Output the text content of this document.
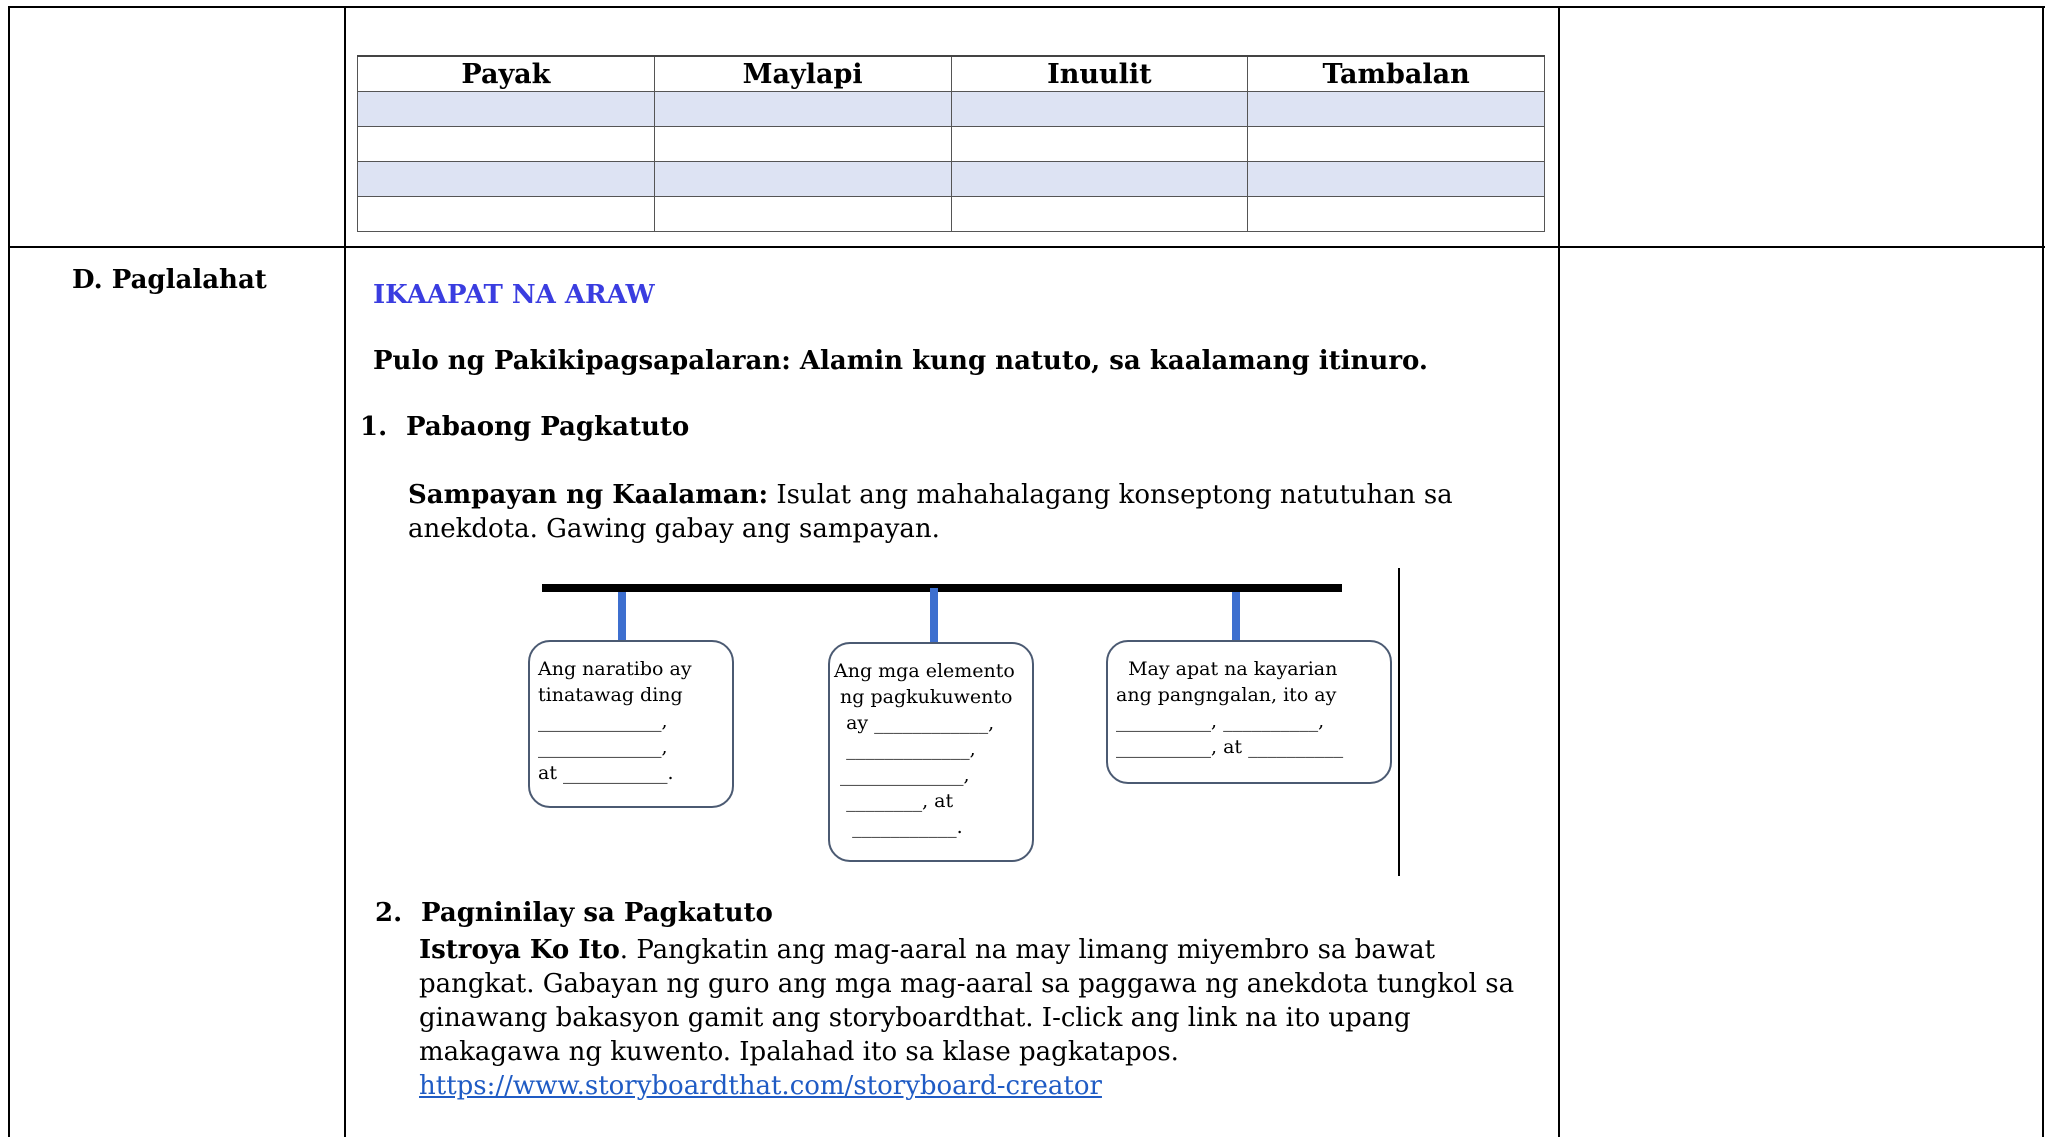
Payak	Maylapi	Inuulit	Tambalan

D. Paglalahat	IKAAPAT NA ARAW
Pulo ng Pakikipagsapalaran: Alamin kung natuto, sa kaalamang itinuro.
1. Pabaong Pagkatuto
Sampayan ng Kaalaman: Isulat ang mahahalagang konseptong natutuhan sa anekdota. Gawing gabay ang sampayan.
Ang naratibo ay
tinatawag ding
_____________,
_____________,
at ___________.
Ang mga elemento
ng pagkukuwento
ay ____________,
_____________,
_____________,
________, at
___________.
May apat na kayarian
ang pangngalan, ito ay
__________, __________,
__________, at __________
2. Pagninilay sa Pagkatuto
Istroya Ko Ito. Pangkatin ang mag-aaral na may limang miyembro sa bawat pangkat. Gabayan ng guro ang mga mag-aaral sa paggawa ng anekdota tungkol sa ginawang bakasyon gamit ang storyboardthat. I-click ang link na ito upang makagawa ng kuwento. Ipalahad ito sa klase pagkatapos. https://www.storyboardthat.com/storyboard-creator
